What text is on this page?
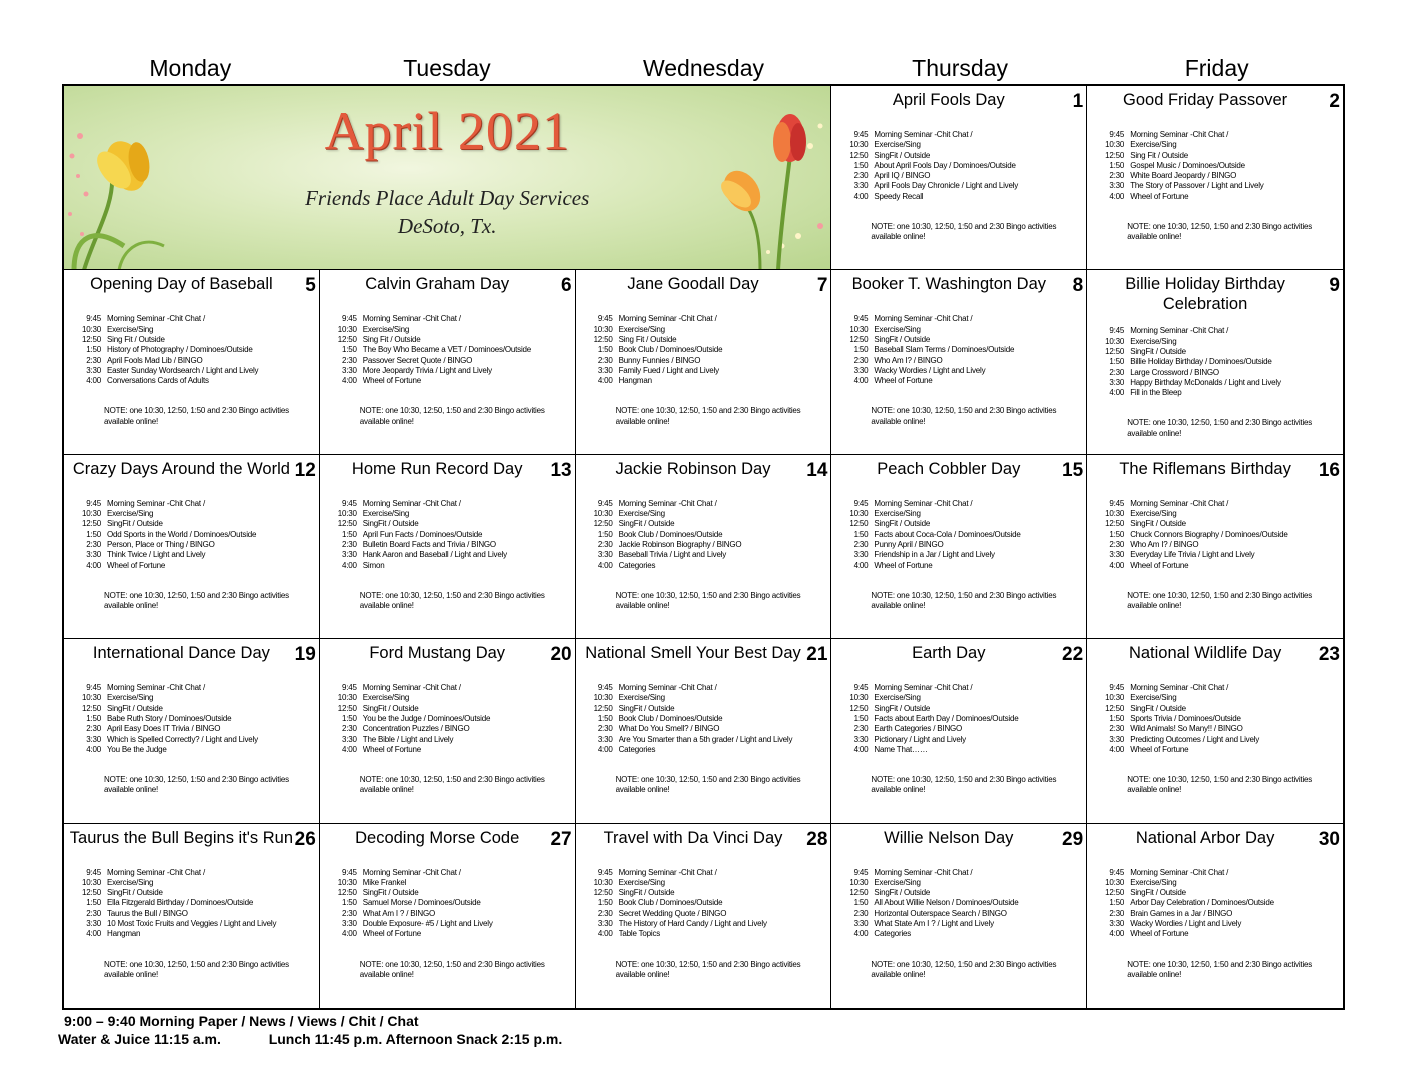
Monday	Tuesday	Wednesday	Thursday	Friday
April 2021
Friends Place Adult Day Services
DeSoto, Tx.
April Fools Day	1
9:45 Morning Seminar -Chit Chat /
10:30 Exercise/Sing
12:50 SingFit / Outside
1:50 About April Fools Day / Dominoes/Outside
2:30 April IQ / BINGO
3:30 April Fools Day Chronicle / Light and Lively
4:00 Speedy Recall
NOTE: one 10:30, 12:50, 1:50 and 2:30 Bingo activities available online!
Good Friday Passover	2
9:45 Morning Seminar -Chit Chat /
10:30 Exercise/Sing
12:50 Sing Fit / Outside
1:50 Gospel Music / Dominoes/Outside
2:30 White Board Jeopardy / BINGO
3:30 The Story of Passover / Light and Lively
4:00 Wheel of Fortune
NOTE: one 10:30, 12:50, 1:50 and 2:30 Bingo activities available online!
Opening Day of Baseball	5
9:45 Morning Seminar -Chit Chat /
10:30 Exercise/Sing
12:50 Sing Fit / Outside
1:50 History of Photography / Dominoes/Outside
2:30 April Fools Mad Lib / BINGO
3:30 Easter Sunday Wordsearch / Light and Lively
4:00 Conversations Cards of Adults
NOTE: one 10:30, 12:50, 1:50 and 2:30 Bingo activities available online!
Calvin Graham Day	6
9:45 Morning Seminar -Chit Chat /
10:30 Exercise/Sing
12:50 Sing Fit / Outside
1:50 The Boy Who Became a VET / Dominoes/Outside
2:30 Passover Secret Quote / BINGO
3:30 More Jeopardy Trivia / Light and Lively
4:00 Wheel of Fortune
NOTE: one 10:30, 12:50, 1:50 and 2:30 Bingo activities available online!
Jane Goodall Day	7
9:45 Morning Seminar -Chit Chat /
10:30 Exercise/Sing
12:50 Sing Fit / Outside
1:50 Book Club / Dominoes/Outside
2:30 Bunny Funnies / BINGO
3:30 Family Fued / Light and Lively
4:00 Hangman
NOTE: one 10:30, 12:50, 1:50 and 2:30 Bingo activities available online!
Booker T. Washington Day	8
9:45 Morning Seminar -Chit Chat /
10:30 Exercise/Sing
12:50 SingFit / Outside
1:50 Baseball Slam Terms / Dominoes/Outside
2:30 Who Am I? / BINGO
3:30 Wacky Wordies / Light and Lively
4:00 Wheel of Fortune
NOTE: one 10:30, 12:50, 1:50 and 2:30 Bingo activities available online!
Billie Holiday Birthday Celebration
9
9:45 Morning Seminar -Chit Chat /
10:30 Exercise/Sing
12:50 SingFit / Outside
1:50 Billie Holiday Birthday / Dominoes/Outside
2:30 Large Crossword / BINGO
3:30 Happy Birthday McDonalds / Light and Lively
4:00 Fill in the Bleep
NOTE: one 10:30, 12:50, 1:50 and 2:30 Bingo activities available online!
Crazy Days Around the World 12
9:45 Morning Seminar -Chit Chat /
10:30 Exercise/Sing
12:50 SingFit / Outside
1:50 Odd Sports in the World / Dominoes/Outside
2:30 Person, Place or Thing / BINGO
3:30 Think Twice / Light and Lively
4:00 Wheel of Fortune
NOTE: one 10:30, 12:50, 1:50 and 2:30 Bingo activities available online!
Home Run Record Day	13
9:45 Morning Seminar -Chit Chat /
10:30 Exercise/Sing
12:50 SingFit / Outside
1:50 April Fun Facts / Dominoes/Outside
2:30 Bulletin Board Facts and Trivia / BINGO
3:30 Hank Aaron and Baseball / Light and Lively
4:00 Simon
NOTE: one 10:30, 12:50, 1:50 and 2:30 Bingo activities available online!
Jackie Robinson Day	14
9:45 Morning Seminar -Chit Chat /
10:30 Exercise/Sing
12:50 SingFit / Outside
1:50 Book Club / Dominoes/Outside
2:30 Jackie Robinson Biography / BINGO
3:30 Baseball Trivia / Light and Lively
4:00 Categories
NOTE: one 10:30, 12:50, 1:50 and 2:30 Bingo activities available online!
Peach Cobbler Day	15
9:45 Morning Seminar -Chit Chat /
10:30 Exercise/Sing
12:50 SingFit / Outside
1:50 Facts about Coca-Cola / Dominoes/Outside
2:30 Punny April / BINGO
3:30 Friendship in a Jar / Light and Lively
4:00 Wheel of Fortune
NOTE: one 10:30, 12:50, 1:50 and 2:30 Bingo activities available online!
The Riflemans Birthday	16
9:45 Morning Seminar -Chit Chat /
10:30 Exercise/Sing
12:50 SingFit / Outside
1:50 Chuck Connors Biography / Dominoes/Outside
2:30 Who Am I? / BINGO
3:30 Everyday Life Trivia / Light and Lively
4:00 Wheel of Fortune
NOTE: one 10:30, 12:50, 1:50 and 2:30 Bingo activities available online!
International Dance Day	19
9:45 Morning Seminar -Chit Chat /
10:30 Exercise/Sing
12:50 SingFit / Outside
1:50 Babe Ruth Story / Dominoes/Outside
2:30 April Easy Does IT Trivia / BINGO
3:30 Which is Spelled Correctly? / Light and Lively
4:00 You Be the Judge
NOTE: one 10:30, 12:50, 1:50 and 2:30 Bingo activities available online!
Ford Mustang Day	20
9:45 Morning Seminar -Chit Chat /
10:30 Exercise/Sing
12:50 SingFit / Outside
1:50 You be the Judge / Dominoes/Outside
2:30 Concentration Puzzles / BINGO
3:30 The Bible / Light and Lively
4:00 Wheel of Fortune
NOTE: one 10:30, 12:50, 1:50 and 2:30 Bingo activities available online!
National Smell Your Best Day 21
9:45 Morning Seminar -Chit Chat /
10:30 Exercise/Sing
12:50 SingFit / Outside
1:50 Book Club / Dominoes/Outside
2:30 What Do You Smell? / BINGO
3:30 Are You Smarter than a 5th grader / Light and Lively
4:00 Categories
NOTE: one 10:30, 12:50, 1:50 and 2:30 Bingo activities available online!
Earth Day	22
9:45 Morning Seminar -Chit Chat /
10:30 Exercise/Sing
12:50 SingFit / Outside
1:50 Facts about Earth Day / Dominoes/Outside
2:30 Earth Categories / BINGO
3:30 Pictionary / Light and Lively
4:00 Name That……
NOTE: one 10:30, 12:50, 1:50 and 2:30 Bingo activities available online!
National Wildlife Day	23
9:45 Morning Seminar -Chit Chat /
10:30 Exercise/Sing
12:50 SingFit / Outside
1:50 Sports Trivia / Dominoes/Outside
2:30 Wild Animals! So Many!! / BINGO
3:30 Predicting Outcomes / Light and Lively
4:00 Wheel of Fortune
NOTE: one 10:30, 12:50, 1:50 and 2:30 Bingo activities available online!
Taurus the Bull Begins it's Run 26
9:45 Morning Seminar -Chit Chat /
10:30 Exercise/Sing
12:50 SingFit / Outside
1:50 Ella Fitzgerald Birthday / Dominoes/Outside
2:30 Taurus the Bull / BINGO
3:30 10 Most Toxic Fruits and Veggies / Light and Lively
4:00 Hangman
NOTE: one 10:30, 12:50, 1:50 and 2:30 Bingo activities available online!
Decoding Morse Code	27
9:45 Morning Seminar -Chit Chat /
10:30 Mike Frankel
12:50 SingFit / Outside
1:50 Samuel Morse / Dominoes/Outside
2:30 What Am I ? / BINGO
3:30 Double Exposure- #5 / Light and Lively
4:00 Wheel of Fortune
NOTE: one 10:30, 12:50, 1:50 and 2:30 Bingo activities available online!
Travel with Da Vinci Day	28
9:45 Morning Seminar -Chit Chat /
10:30 Exercise/Sing
12:50 SingFit / Outside
1:50 Book Club / Dominoes/Outside
2:30 Secret Wedding Quote / BINGO
3:30 The History of Hard Candy / Light and Lively
4:00 Table Topics
NOTE: one 10:30, 12:50, 1:50 and 2:30 Bingo activities available online!
Willie Nelson Day	29
9:45 Morning Seminar -Chit Chat /
10:30 Exercise/Sing
12:50 SingFit / Outside
1:50 All About Willie Nelson / Dominoes/Outside
2:30 Horizontal Outerspace Search / BINGO
3:30 What State Am I ? / Light and Lively
4:00 Categories
NOTE: one 10:30, 12:50, 1:50 and 2:30 Bingo activities available online!
National Arbor Day	30
9:45 Morning Seminar -Chit Chat /
10:30 Exercise/Sing
12:50 SingFit / Outside
1:50 Arbor Day Celebration / Dominoes/Outside
2:30 Brain Games in a Jar / BINGO
3:30 Wacky Wordies / Light and Lively
4:00 Wheel of Fortune
NOTE: one 10:30, 12:50, 1:50 and 2:30 Bingo activities available online!
9:00 – 9:40 Morning Paper / News / Views / Chit / Chat
Water & Juice 11:15 a.m.	Lunch 11:45 p.m. Afternoon Snack 2:15 p.m.
